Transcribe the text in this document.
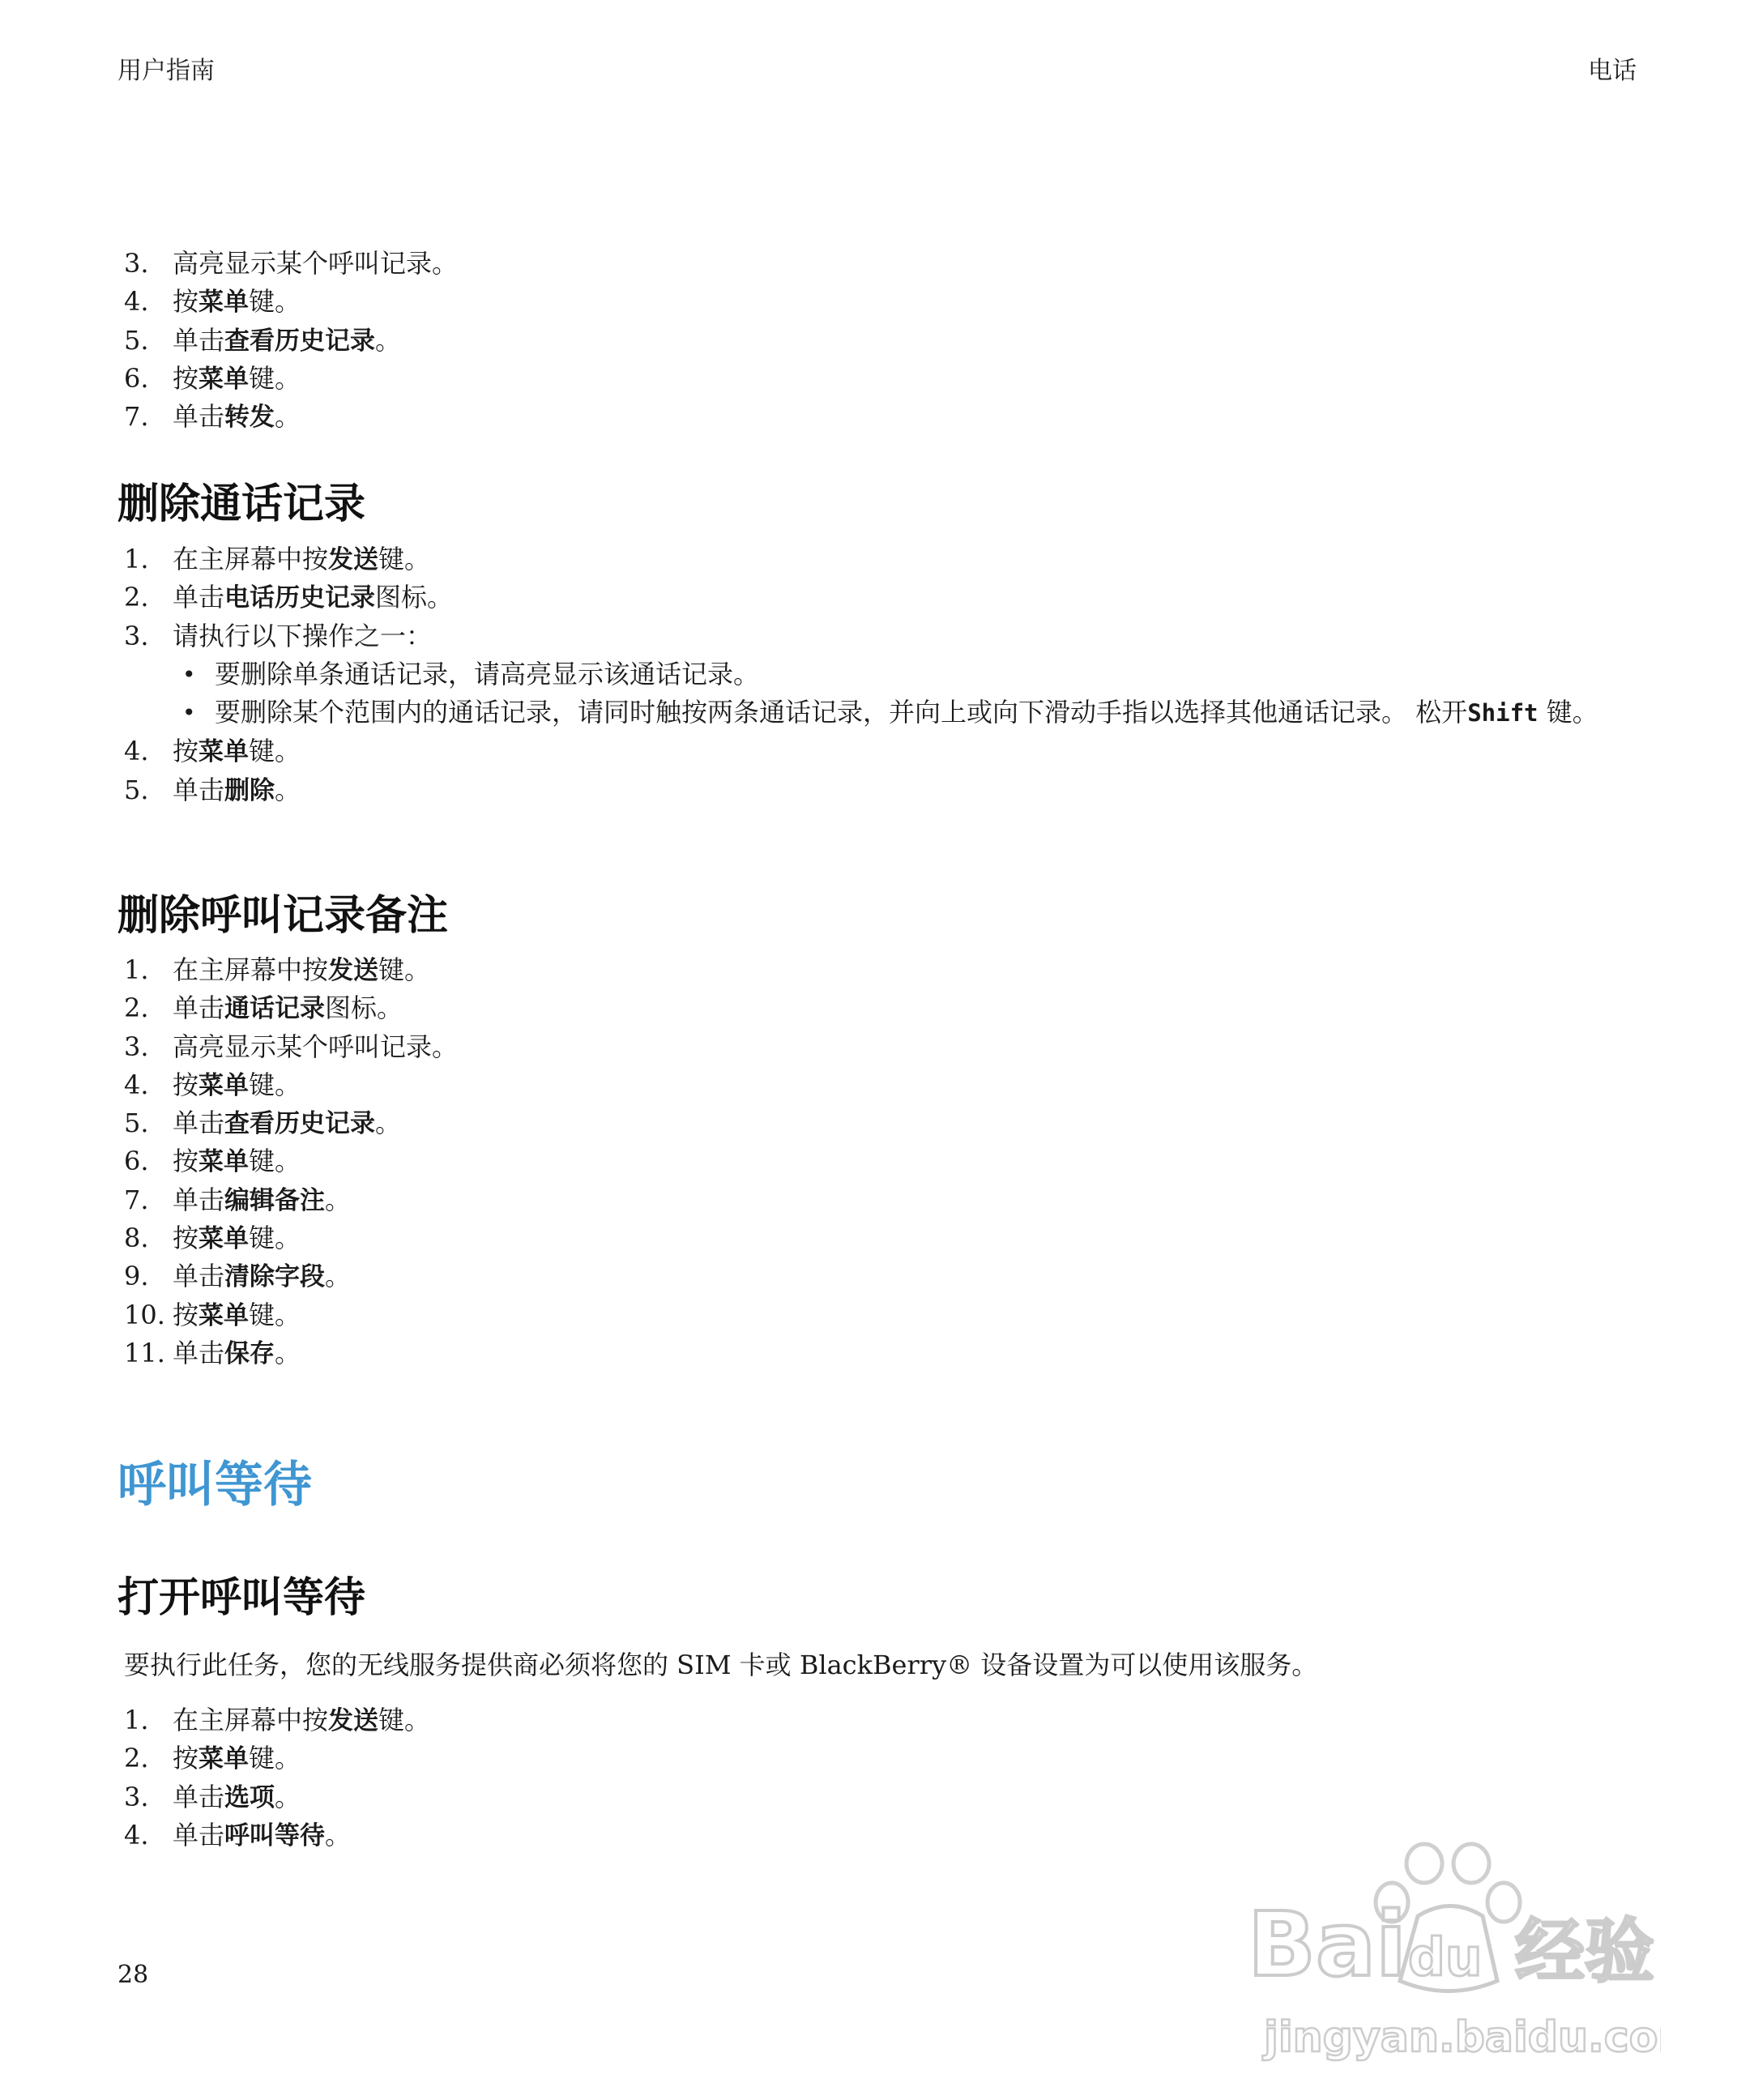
用户指南	电话
3. 高亮显示某个呼叫记录。
4. 按菜单键。
5. 单击查看历史记录。
6. 按菜单键。
7. 单击转发。
删除通话记录
1. 在主屏幕中按发送键。
2. 单击电话历史记录图标。
3. 请执行以下操作之一：
• 要删除单条通话记录，请高亮显示该通话记录。
• 要删除某个范围内的通话记录，请同时触按两条通话记录，并向上或向下滑动手指以选择其他通话记录。 松开Shift 键。
4. 按菜单键。
5. 单击删除。
删除呼叫记录备注
1. 在主屏幕中按发送键。
2. 单击通话记录图标。
3. 高亮显示某个呼叫记录。
4. 按菜单键。
5. 单击查看历史记录。
6. 按菜单键。
7. 单击编辑备注。
8. 按菜单键。
9. 单击清除字段。
10. 按菜单键。
11. 单击保存。
呼叫等待
打开呼叫等待

要执行此任务，您的无线服务提供商必须将您的 SIM 卡或 BlackBerry® 设备设置为可以使用该服务。

1. 在主屏幕中按发送键。
2. 按菜单键。
3. 单击选项。
4. 单击呼叫等待。
28	Bai du 经验
jingyan.baidu.com
